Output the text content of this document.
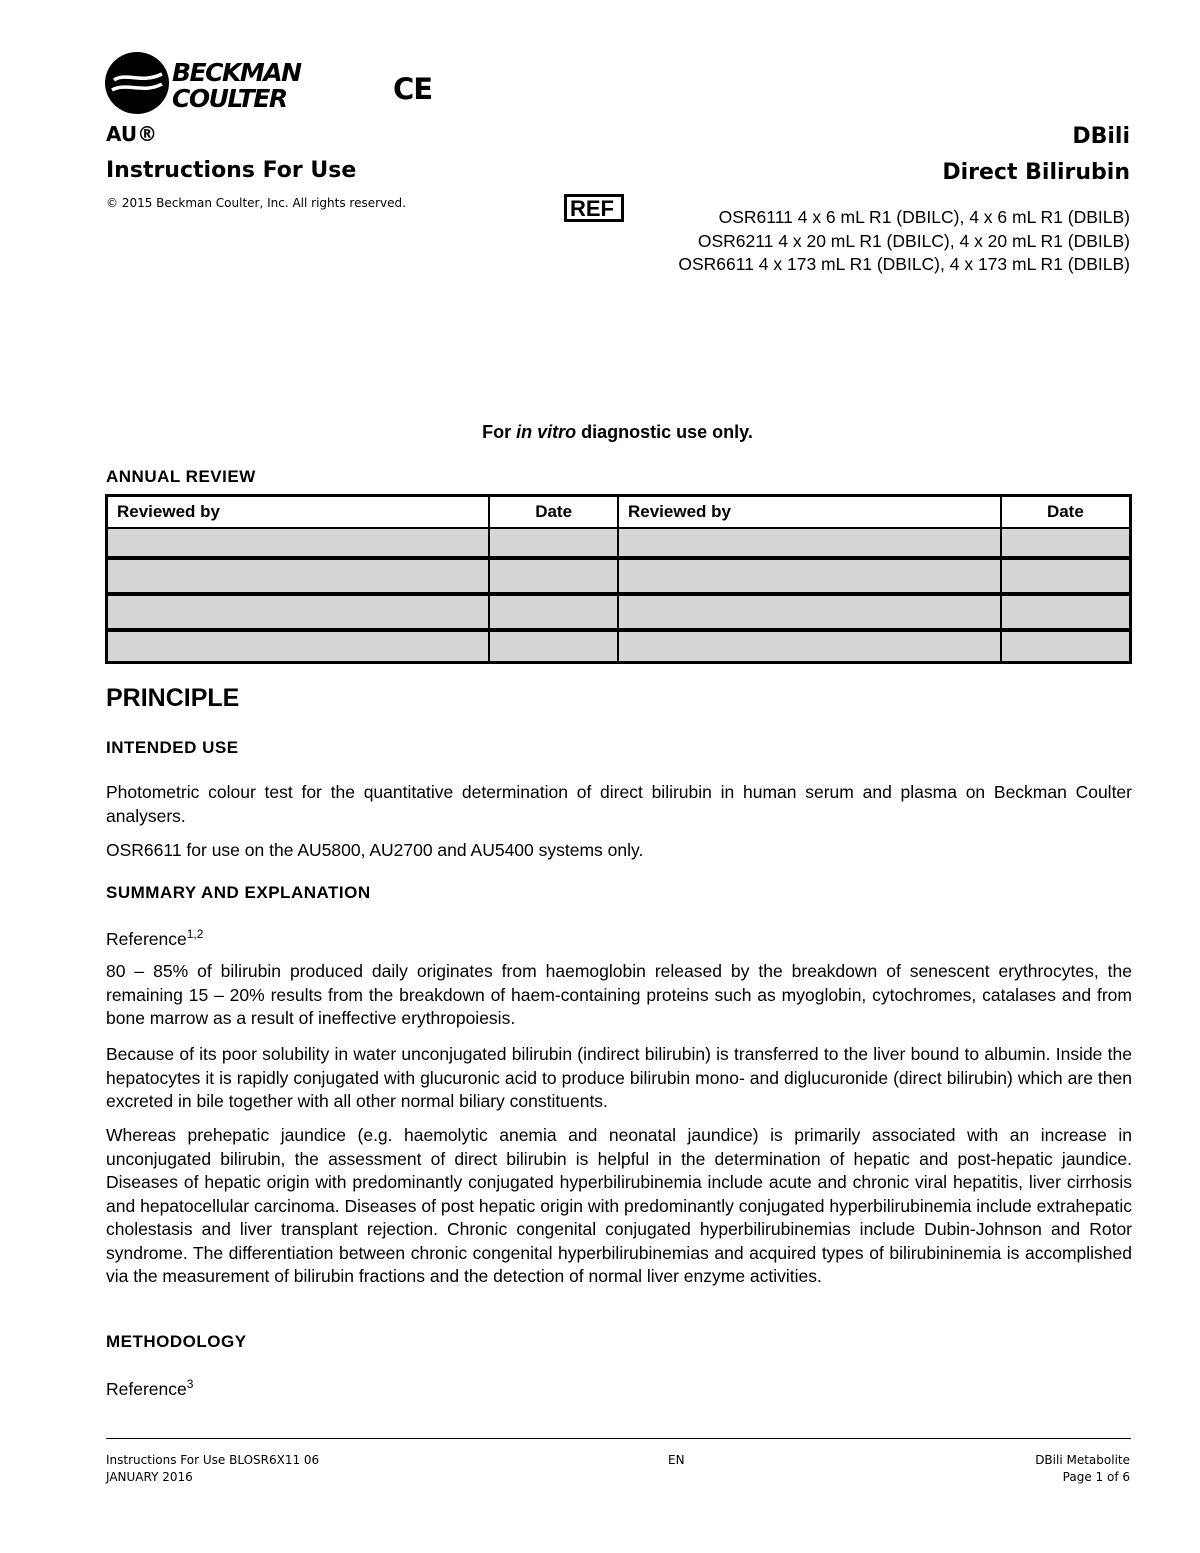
BECKMAN COULTER	CE
AU®
Instructions For Use
© 2015 Beckman Coulter, Inc. All rights reserved.
DBili
Direct Bilirubin
REF	OSR6111 4 x 6 mL R1 (DBILC), 4 x 6 mL R1 (DBILB)
OSR6211 4 x 20 mL R1 (DBILC), 4 x 20 mL R1 (DBILB)
OSR6611 4 x 173 mL R1 (DBILC), 4 x 173 mL R1 (DBILB)
For in vitro diagnostic use only.
ANNUAL REVIEW
Reviewed by	Date	Reviewed by	Date

PRINCIPLE
INTENDED USE
Photometric colour test for the quantitative determination of direct bilirubin in human serum and plasma on Beckman Coulter analysers.
OSR6611 for use on the AU5800, AU2700 and AU5400 systems only.
SUMMARY AND EXPLANATION
Reference$^{1,2}$
80 – 85% of bilirubin produced daily originates from haemoglobin released by the breakdown of senescent erythrocytes, the remaining 15 – 20% results from the breakdown of haem-containing proteins such as myoglobin, cytochromes, catalases and from bone marrow as a result of ineffective erythropoiesis.
Because of its poor solubility in water unconjugated bilirubin (indirect bilirubin) is transferred to the liver bound to albumin. Inside the hepatocytes it is rapidly conjugated with glucuronic acid to produce bilirubin mono- and diglucuronide (direct bilirubin) which are then excreted in bile together with all other normal biliary constituents.
Whereas prehepatic jaundice (e.g. haemolytic anemia and neonatal jaundice) is primarily associated with an increase in unconjugated bilirubin, the assessment of direct bilirubin is helpful in the determination of hepatic and post-hepatic jaundice. Diseases of hepatic origin with predominantly conjugated hyperbilirubinemia include acute and chronic viral hepatitis, liver cirrhosis and hepatocellular carcinoma. Diseases of post hepatic origin with predominantly conjugated hyperbilirubinemia include extrahepatic cholestasis and liver transplant rejection. Chronic congenital conjugated hyperbilirubinemias include Dubin-Johnson and Rotor syndrome. The differentiation between chronic congenital hyperbilirubinemias and acquired types of bilirubininemia is accomplished via the measurement of bilirubin fractions and the detection of normal liver enzyme activities.
METHODOLOGY
Reference$^3$
Instructions For Use BLOSR6X11 06
JANUARY 2016
EN	DBili Metabolite
Page 1 of 6
